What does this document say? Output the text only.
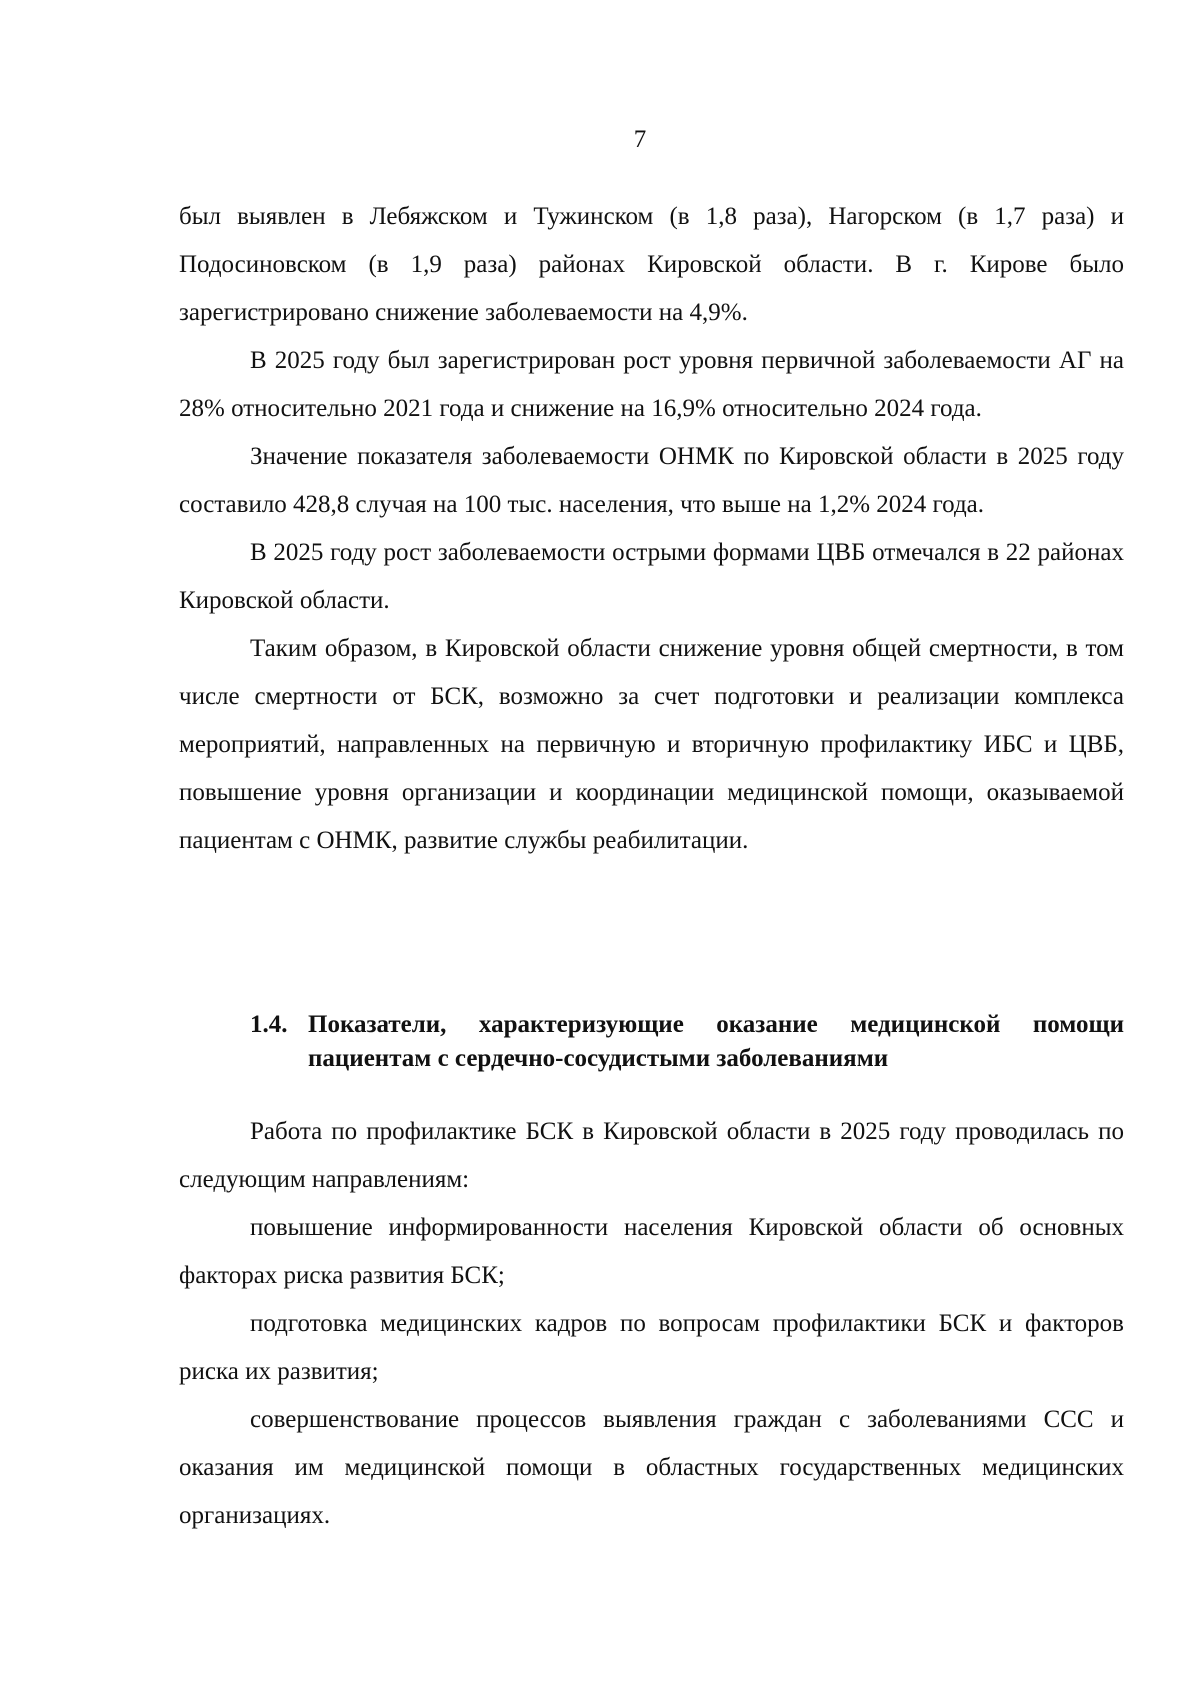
7

был выявлен в Лебяжском и Тужинском (в 1,8 раза), Нагорском (в 1,7 раза) и Подосиновском (в 1,9 раза) районах Кировской области. В г. Кирове было зарегистрировано снижение заболеваемости на 4,9%.

В 2025 году был зарегистрирован рост уровня первичной заболеваемости АГ на 28% относительно 2021 года и снижение на 16,9% относительно 2024 года.

Значение показателя заболеваемости ОНМК по Кировской области в 2025 году составило 428,8 случая на 100 тыс. населения, что выше на 1,2% 2024 года.

В 2025 году рост заболеваемости острыми формами ЦВБ отмечался в 22 районах Кировской области.

Таким образом, в Кировской области снижение уровня общей смертности, в том числе смертности от БСК, возможно за счет подготовки и реализации комплекса мероприятий, направленных на первичную и вторичную профилактику ИБС и ЦВБ, повышение уровня организации и координации медицинской помощи, оказываемой пациентам с ОНМК, развитие службы реабилитации.

1.4. Показатели, характеризующие оказание медицинской помощи пациентам с сердечно-сосудистыми заболеваниями

Работа по профилактике БСК в Кировской области в 2025 году проводилась по следующим направлениям:

повышение информированности населения Кировской области об основных факторах риска развития БСК;

подготовка медицинских кадров по вопросам профилактики БСК и факторов риска их развития;

совершенствование процессов выявления граждан с заболеваниями ССС и оказания им медицинской помощи в областных государственных медицинских организациях.
